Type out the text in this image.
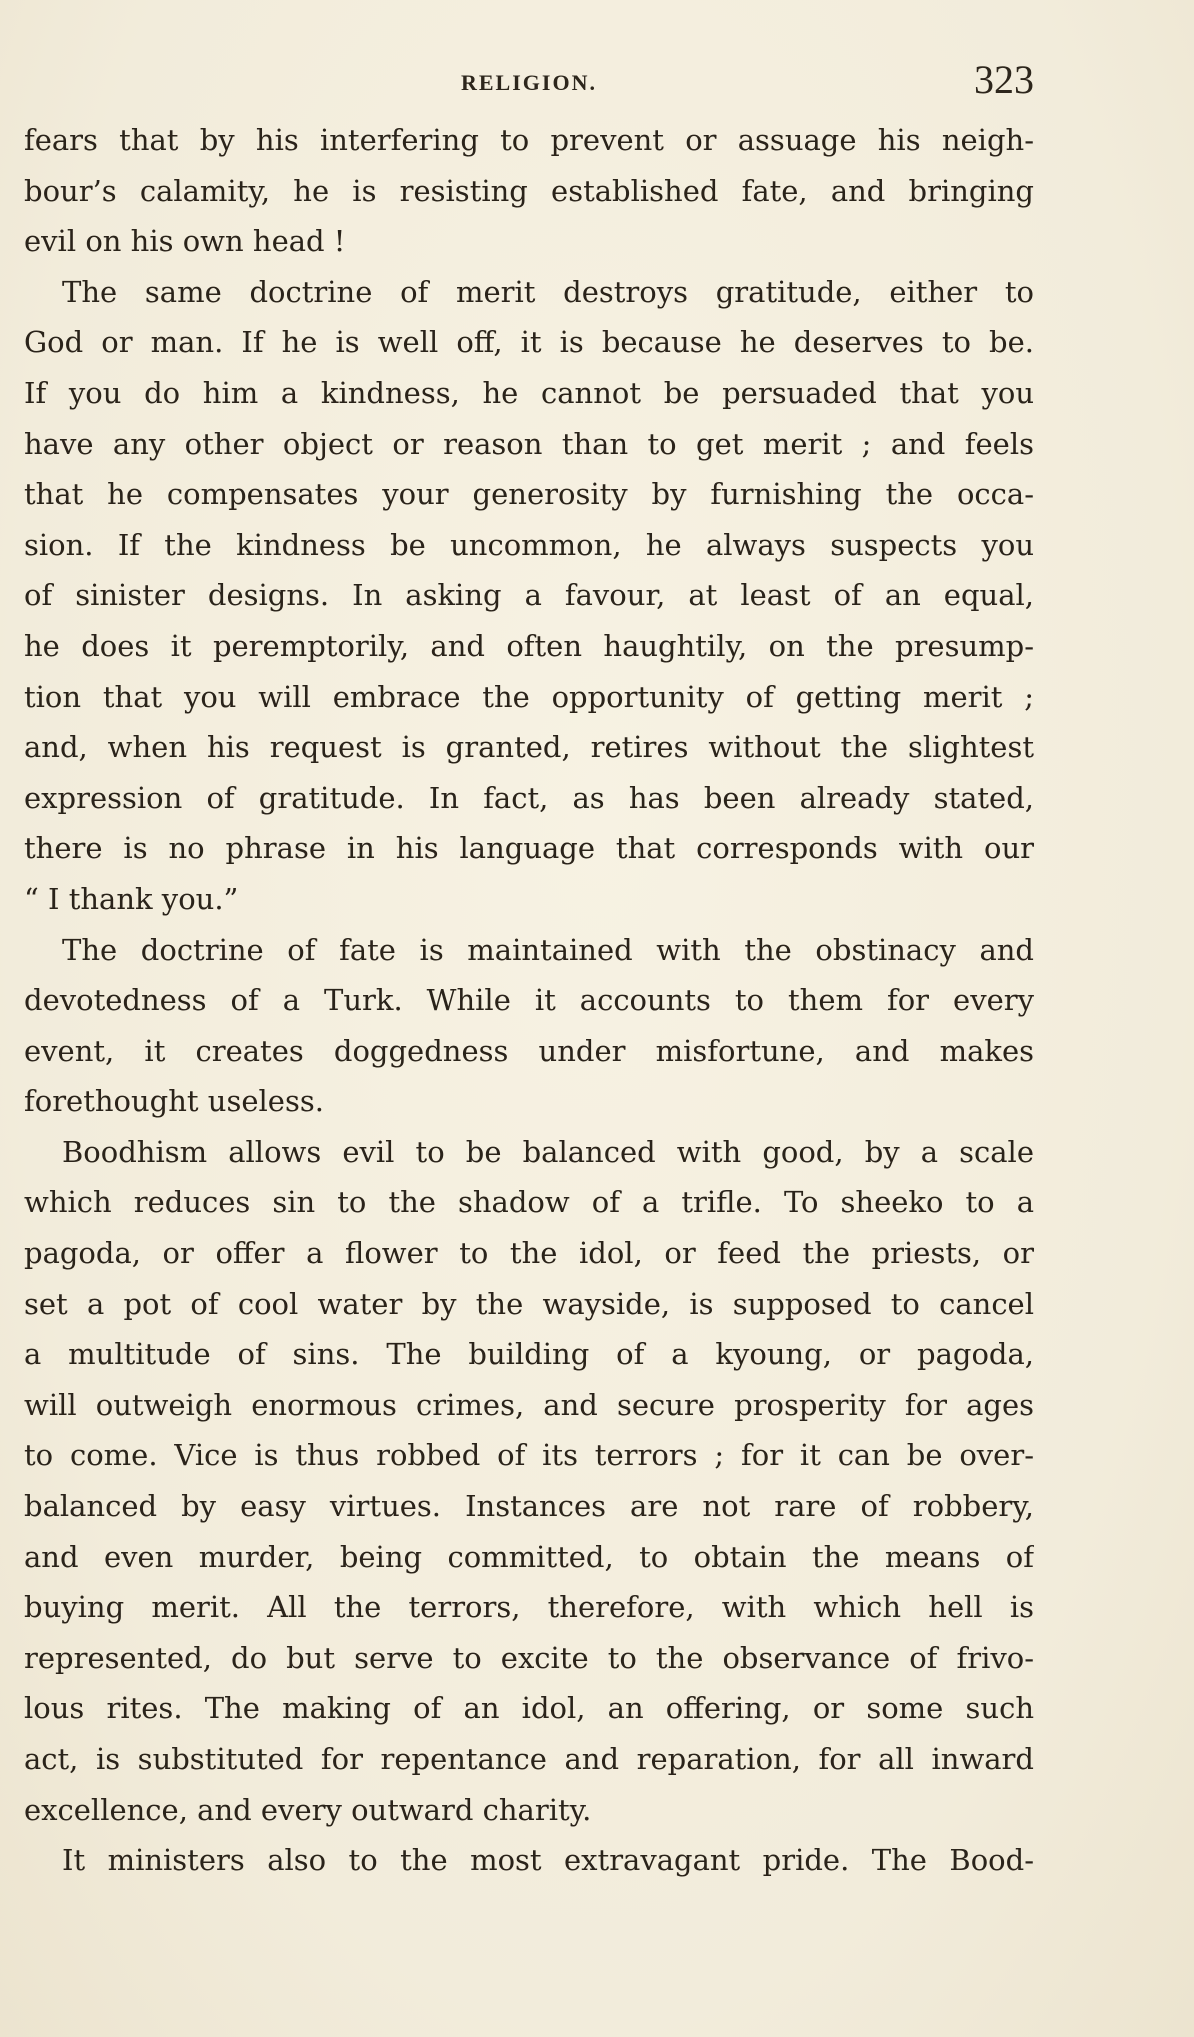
RELIGION.	323
fears that by his interfering to prevent or assuage his neigh-
bour’s calamity, he is resisting established fate, and bringing
evil on his own head !
The same doctrine of merit destroys gratitude, either to
God or man. If he is well off, it is because he deserves to be.
If you do him a kindness, he cannot be persuaded that you
have any other object or reason than to get merit ; and feels
that he compensates your generosity by furnishing the occa-
sion. If the kindness be uncommon, he always suspects you
of sinister designs. In asking a favour, at least of an equal,
he does it peremptorily, and often haughtily, on the presump-
tion that you will embrace the opportunity of getting merit ;
and, when his request is granted, retires without the slightest
expression of gratitude. In fact, as has been already stated,
there is no phrase in his language that corresponds with our
“ I thank you.”
The doctrine of fate is maintained with the obstinacy and
devotedness of a Turk. While it accounts to them for every
event, it creates doggedness under misfortune, and makes
forethought useless.
Boodhism allows evil to be balanced with good, by a scale
which reduces sin to the shadow of a trifle. To sheeko to a
pagoda, or offer a flower to the idol, or feed the priests, or
set a pot of cool water by the wayside, is supposed to cancel
a multitude of sins. The building of a kyoung, or pagoda,
will outweigh enormous crimes, and secure prosperity for ages
to come. Vice is thus robbed of its terrors ; for it can be over-
balanced by easy virtues. Instances are not rare of robbery,
and even murder, being committed, to obtain the means of
buying merit. All the terrors, therefore, with which hell is
represented, do but serve to excite to the observance of frivo-
lous rites. The making of an idol, an offering, or some such
act, is substituted for repentance and reparation, for all inward
excellence, and every outward charity.
It ministers also to the most extravagant pride. The Bood-
